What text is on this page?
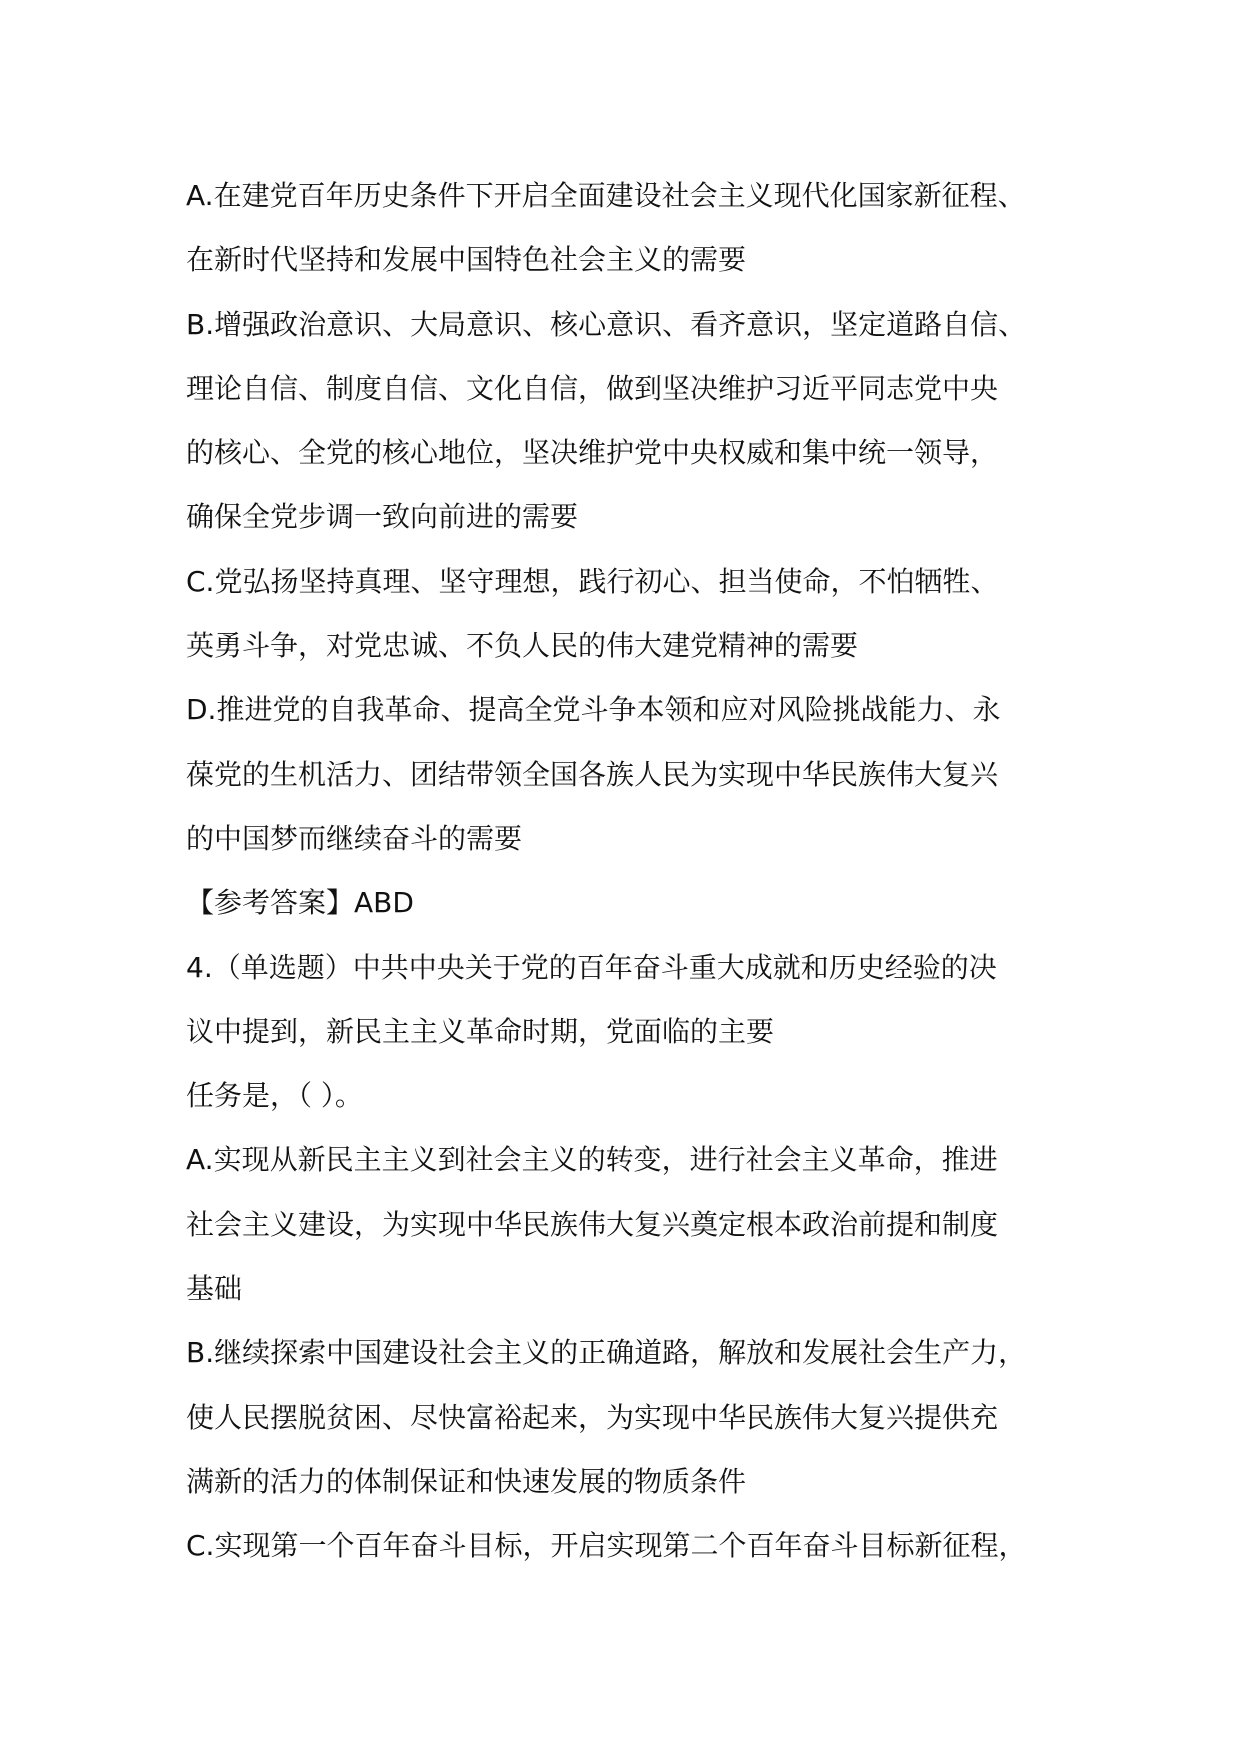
A.在建党百年历史条件下开启全面建设社会主义现代化国家新征程、
在新时代坚持和发展中国特色社会主义的需要
B.增强政治意识、大局意识、核心意识、看齐意识，坚定道路自信、
理论自信、制度自信、文化自信，做到坚决维护习近平同志党中央
的核心、全党的核心地位，坚决维护党中央权威和集中统一领导，
确保全党步调一致向前进的需要
C.党弘扬坚持真理、坚守理想，践行初心、担当使命，不怕牺牲、
英勇斗争，对党忠诚、不负人民的伟大建党精神的需要
D.推进党的自我革命、提高全党斗争本领和应对风险挑战能力、永
葆党的生机活力、团结带领全国各族人民为实现中华民族伟大复兴
的中国梦而继续奋斗的需要
【参考答案】ABD
4.（单选题）中共中央关于党的百年奋斗重大成就和历史经验的决
议中提到，新民主主义革命时期，党面临的主要
任务是，（ ）。
A.实现从新民主主义到社会主义的转变，进行社会主义革命，推进
社会主义建设，为实现中华民族伟大复兴奠定根本政治前提和制度
基础
B.继续探索中国建设社会主义的正确道路，解放和发展社会生产力，
使人民摆脱贫困、尽快富裕起来，为实现中华民族伟大复兴提供充
满新的活力的体制保证和快速发展的物质条件
C.实现第一个百年奋斗目标，开启实现第二个百年奋斗目标新征程，
